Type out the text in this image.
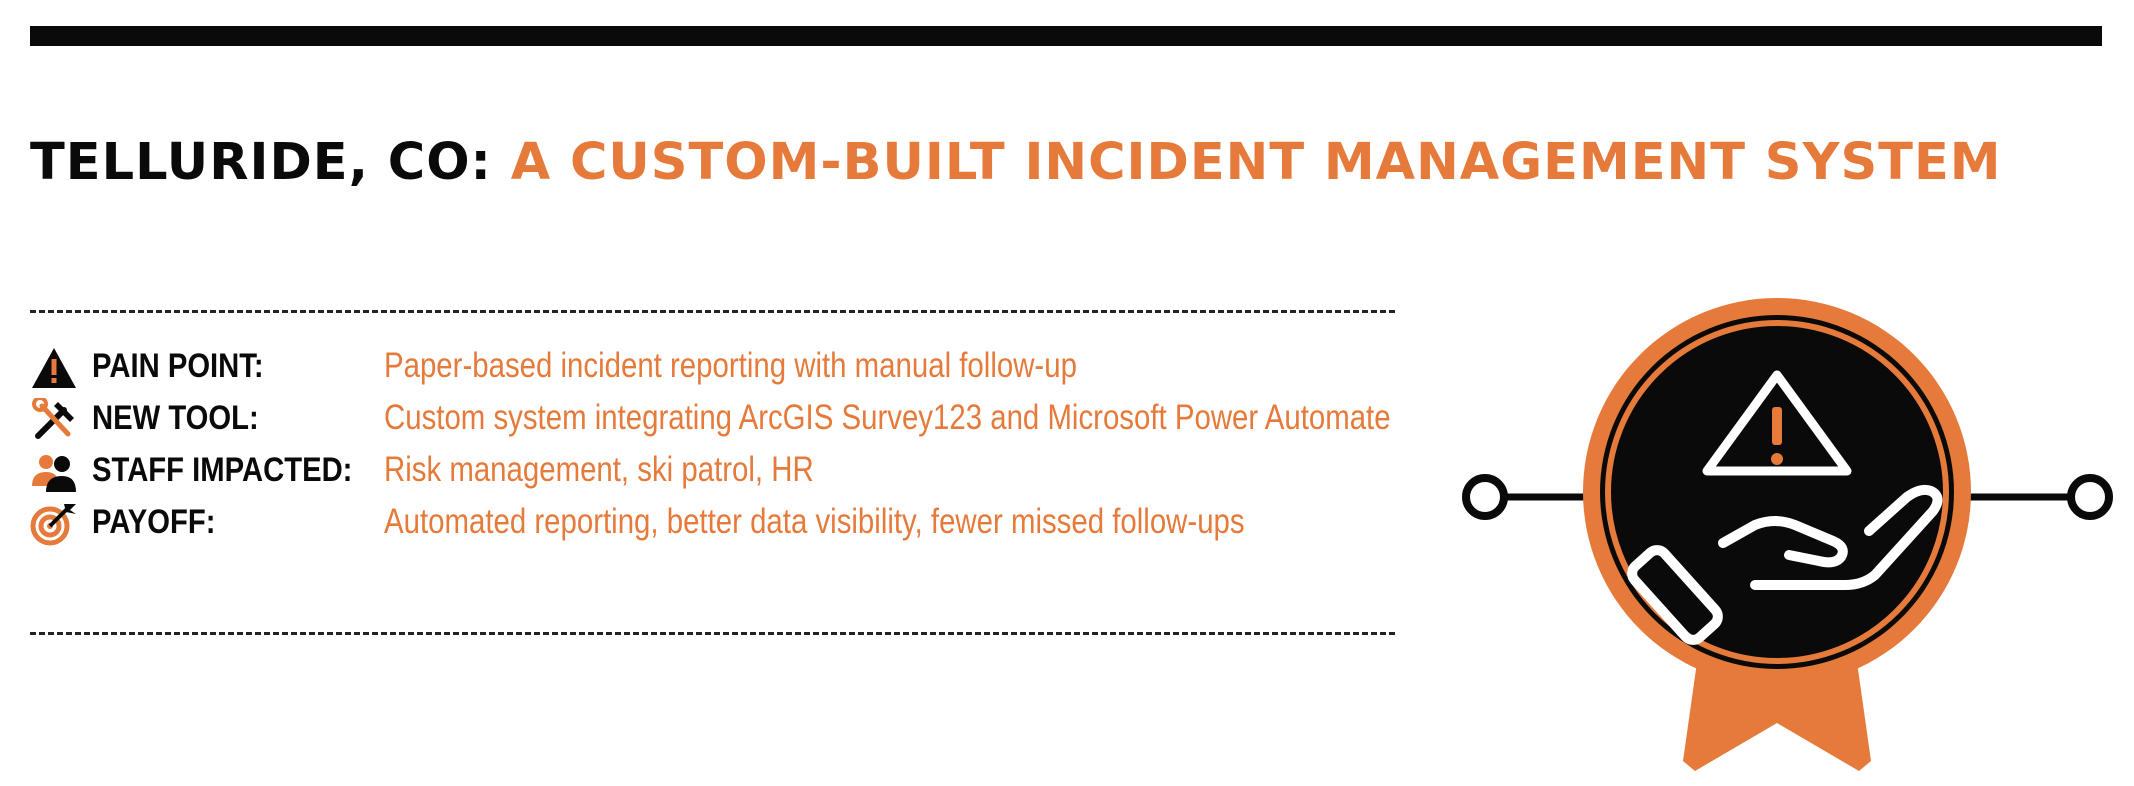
TELLURIDE, CO: A CUSTOM-BUILT INCIDENT MANAGEMENT SYSTEM
PAIN POINT:	Paper-based incident reporting with manual follow-up
NEW TOOL:	Custom system integrating ArcGIS Survey123 and Microsoft Power Automate
STAFF IMPACTED: Risk management, ski patrol, HR
PAYOFF:	Automated reporting, better data visibility, fewer missed follow-ups
